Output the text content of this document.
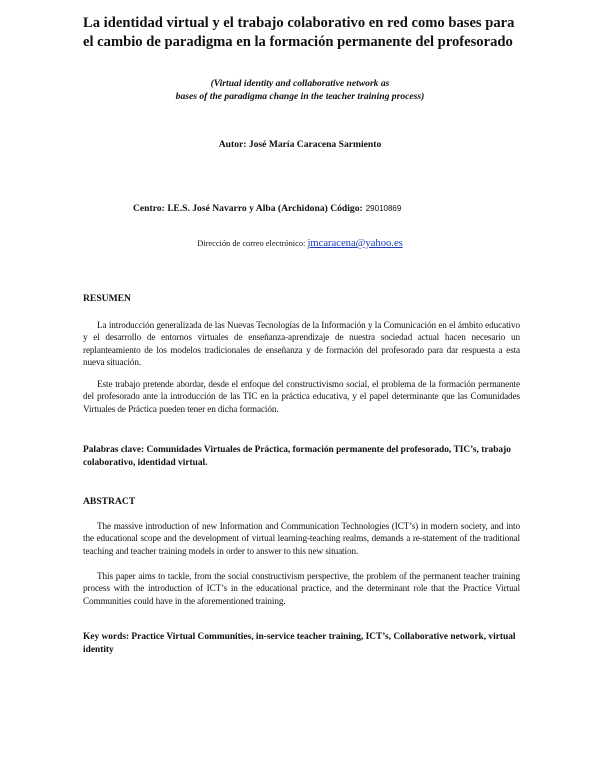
La identidad virtual y el trabajo colaborativo en red como bases para
el cambio de paradigma en la formación permanente del profesorado
(Virtual identity and collaborative network as
bases of the paradigma change in the teacher training process)
Autor: José María Caracena Sarmiento
Centro: I.E.S. José Navarro y Alba (Archidona) Código: 29010869
Dirección de correo electrónico: jmcaracena@yahoo.es
RESUMEN

La introducción generalizada de las Nuevas Tecnologías de la Información y la Comunicación en el ámbito educativo y el desarrollo de entornos virtuales de enseñanza-aprendizaje de nuestra sociedad actual hacen necesario un replanteamiento de los modelos tradicionales de enseñanza y de formación del profesorado para dar respuesta a esta nueva situación.

Este trabajo pretende abordar, desde el enfoque del constructivismo social, el problema de la formación permanente del profesorado ante la introducción de las TIC en la práctica educativa, y el papel determinante que las Comunidades Virtuales de Práctica pueden tener en dicha formación.

Palabras clave: Comunidades Virtuales de Práctica, formación permanente del profesorado, TIC’s, trabajo colaborativo, identidad virtual.
ABSTRACT

The massive introduction of new Information and Communication Technologies (ICT’s) in modern society, and into the educational scope and the development of virtual learning-teaching realms, demands a re-statement of the traditional teaching and teacher training models in order to answer to this new situation.

This paper aims to tackle, from the social constructivism perspective, the problem of the permanent teacher training process with the introduction of ICT’s in the educational practice, and the determinant role that the Practice Virtual Communities could have in the aforementioned training.

Key words: Practice Virtual Communities, in-service teacher training, ICT’s, Collaborative network, virtual identity
